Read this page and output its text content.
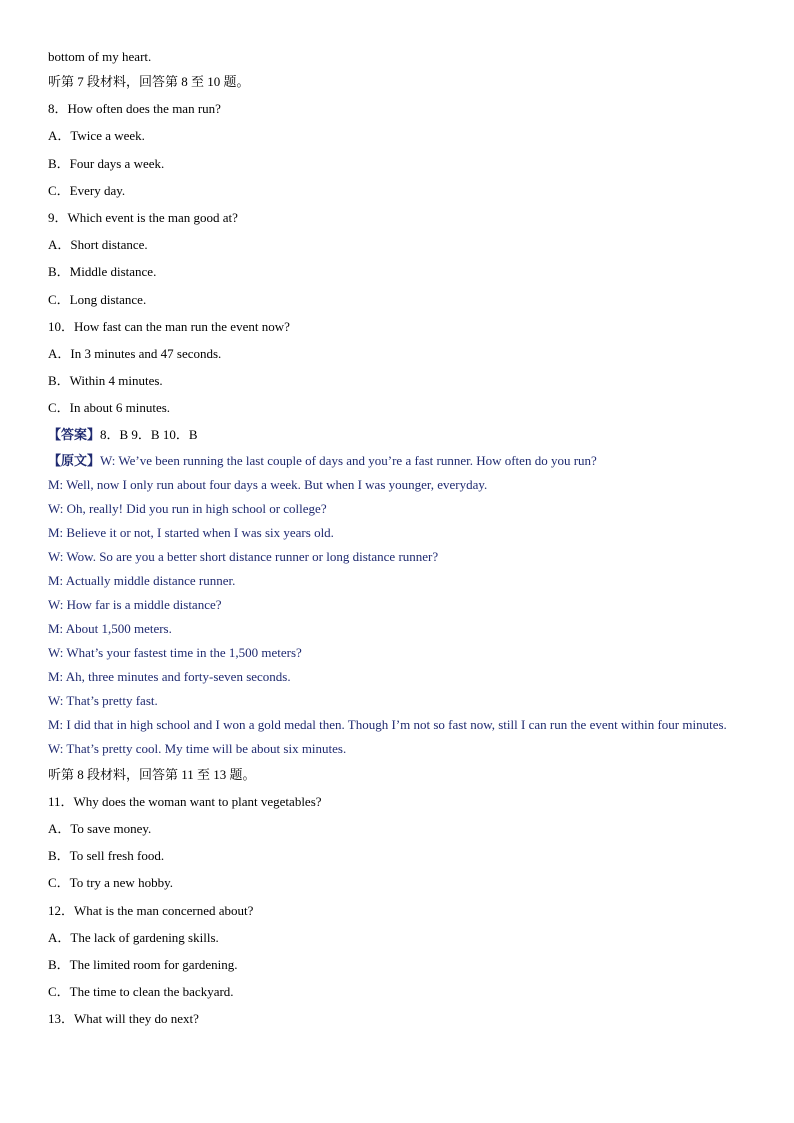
bottom of my heart.
听第 7 段材料，回答第 8 至 10 题。
8．How often does the man run?
A．Twice a week.
B．Four days a week.
C．Every day.
9．Which event is the man good at?
A．Short distance.
B．Middle distance.
C．Long distance.
10．How fast can the man run the event now?
A．In 3 minutes and 47 seconds.
B．Within 4 minutes.
C．In about 6 minutes.
【答案】8．B 9．B 10．B
【原文】W: We’ve been running the last couple of days and you’re a fast runner. How often do you run?
M: Well, now I only run about four days a week. But when I was younger, everyday.
W: Oh, really! Did you run in high school or college?
M: Believe it or not, I started when I was six years old.
W: Wow. So are you a better short distance runner or long distance runner?
M: Actually middle distance runner.
W: How far is a middle distance?
M: About 1,500 meters.
W: What’s your fastest time in the 1,500 meters?
M: Ah, three minutes and forty-seven seconds.
W: That’s pretty fast.
M: I did that in high school and I won a gold medal then. Though I’m not so fast now, still I can run the event within four minutes.
W: That’s pretty cool. My time will be about six minutes.
听第 8 段材料，回答第 11 至 13 题。
11．Why does the woman want to plant vegetables?
A．To save money.
B．To sell fresh food.
C．To try a new hobby.
12．What is the man concerned about?
A．The lack of gardening skills.
B．The limited room for gardening.
C．The time to clean the backyard.
13．What will they do next?
